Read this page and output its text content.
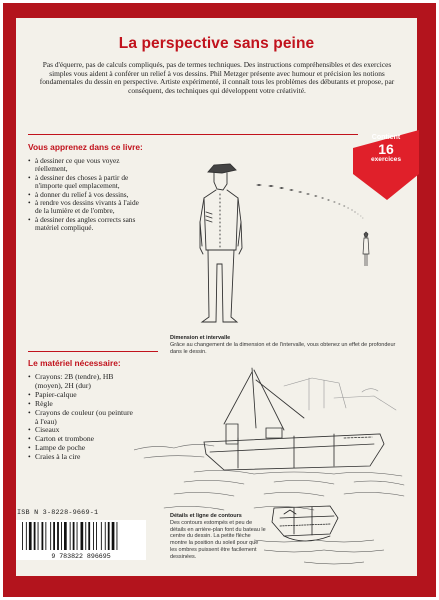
La perspective sans peine
Pas d'équerre, pas de calculs compliqués, pas de termes techniques. Des instructions compréhensibles et des exercices simples vous aident à conférer un relief à vos dessins. Phil Metzger présente avec humour et précision les notions fondamentales du dessin en perspective. Artiste expérimenté, il connaît tous les problèmes des débutants et propose, par conséquent, des techniques qui développent votre créativité.
Vous apprenez dans ce livre:
• à dessiner ce que vous voyez réellement,
• à dessiner des choses à partir de n'importe quel emplacement,
• à donner du relief à vos dessins,
• à rendre vos dessins vivants à l'aide de la lumière et de l'ombre,
• à dessiner des angles corrects sans matériel compliqué.
Contient
16
exercices
Dimension et intervalle
Grâce au changement de la dimension et de l'intervalle, vous obtenez un effet de profondeur dans le dessin.
Le matériel nécessaire:
• Crayons: 2B (tendre), HB (moyen), 2H (dur)
• Papier-calque
• Règle
• Crayons de couleur (ou peinture à l'eau)
• Ciseaux
• Carton et trombone
• Lampe de poche
• Craies à la cire
Détails et ligne de contours
Des contours estompés et peu de détails en arrière-plan font du bateau le centre du dessin. La petite flèche montre la position du soleil pour que les ombres puissent être facilement dessinées.
ISB N 3-8228-9669-1
9 783822 896695
